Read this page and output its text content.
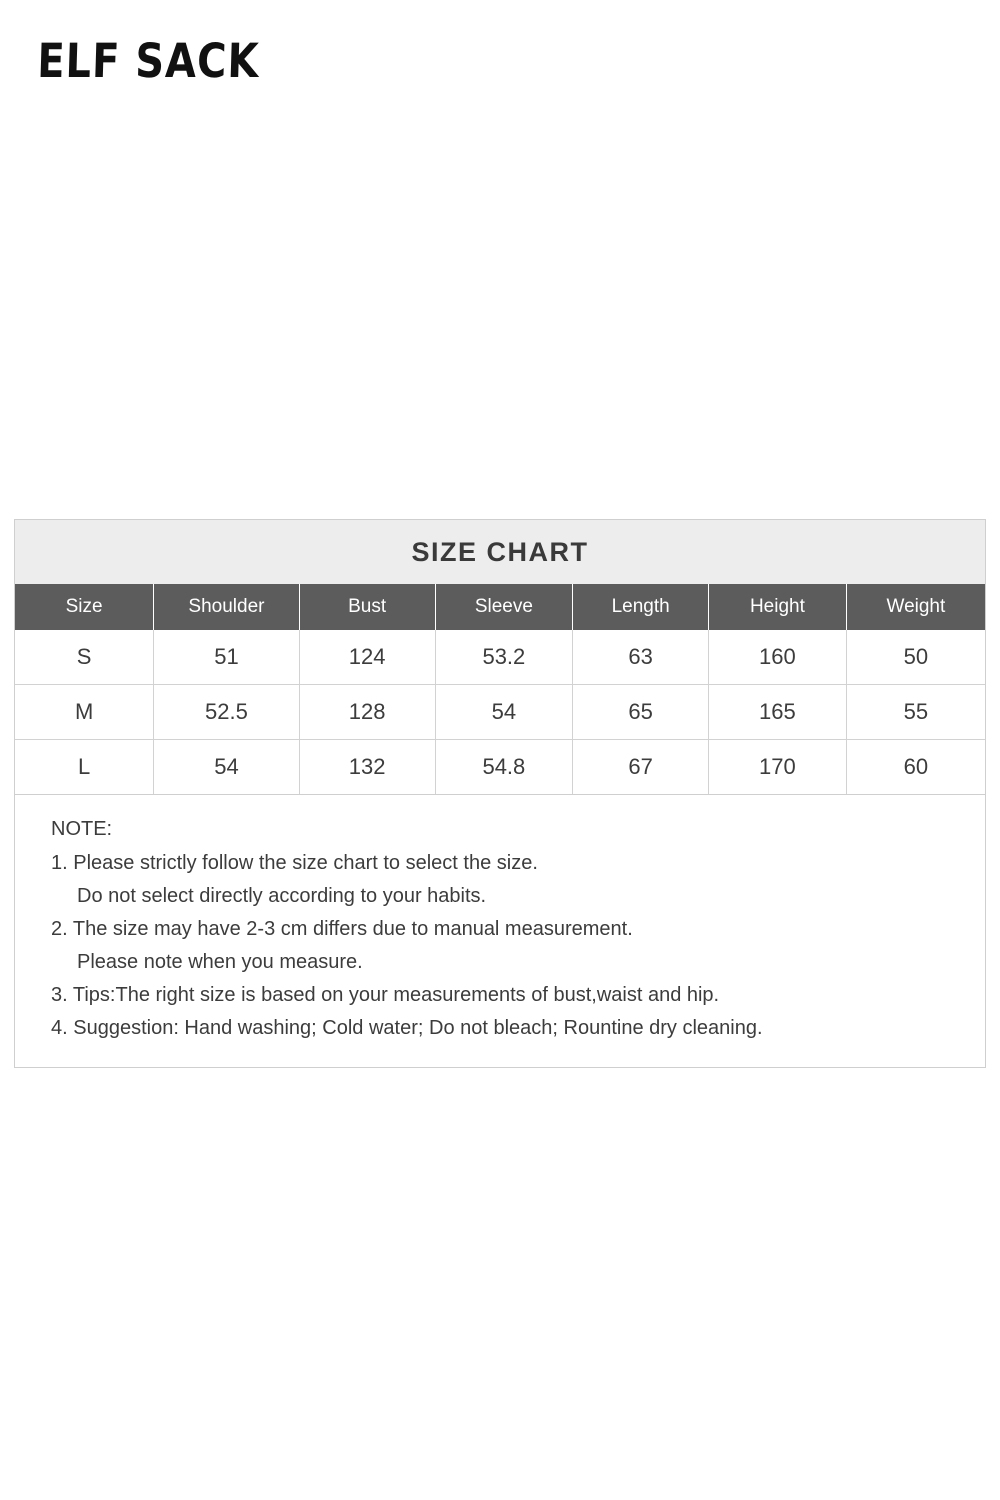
ELF SACK
SIZE CHART
Size	Shoulder	Bust	Sleeve	Length	Height	Weight
S	51	124	53.2	63	160	50
M	52.5	128	54	65	165	55
L	54	132	54.8	67	170	60
NOTE:
1. Please strictly follow the size chart to select the size.
Do not select directly according to your habits.
2. The size may have 2-3 cm differs due to manual measurement.
Please note when you measure.
3. Tips:The right size is based on your measurements of bust,waist and hip.
4. Suggestion: Hand washing; Cold water; Do not bleach; Rountine dry cleaning.
